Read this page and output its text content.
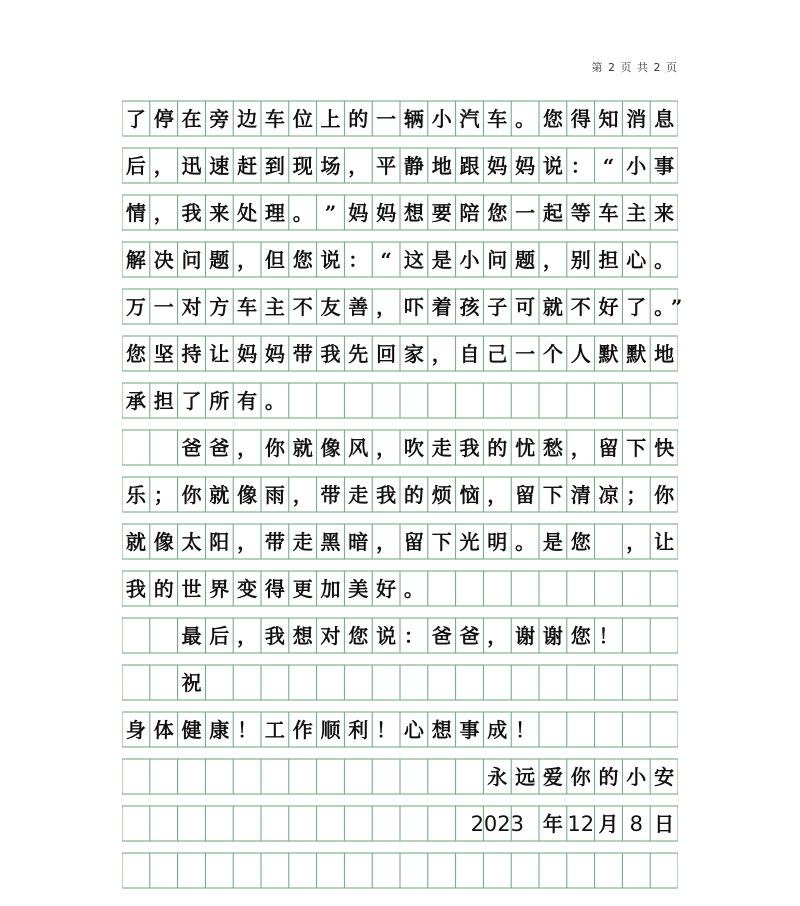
第 2 页 共 2 页
了 停 在 旁 边 车 位 上 的 一 辆 小 汽 车 。 您 得 知 消 息
后 ， 迅 速 赶 到 现 场 ， 平 静 地 跟 妈 妈 说 ： “ 小 事
情 ， 我 来 处 理 。 ” 妈 妈 想 要 陪 您 一 起 等 车 主 来
解 决 问 题 ， 但 您 说 ： “ 这 是 小 问 题 ， 别 担 心 。
万 一 对 方 车 主 不 友 善 ， 吓 着 孩 子 可 就 不 好 了 。
”
您 坚 持 让 妈 妈 带 我 先 回 家 ， 自 己 一 个 人 默 默 地
承 担 了 所 有 。
爸 爸 ， 你 就 像 风 ， 吹 走 我 的 忧 愁 ， 留 下 快
乐 ； 你 就 像 雨 ， 带 走 我 的 烦 恼 ， 留 下 清 凉 ； 你
就 像 太 阳 ， 带 走 黑 暗 ， 留 下 光 明 。 是 您 ， 让
我 的 世 界 变 得 更 加 美 好 。
最 后 ， 我 想 对 您 说 ： 爸 爸 ， 谢 谢 您 ！
祝
身 体 健 康 ！ 工 作 顺 利 ！ 心 想 事 成 ！
永 远 爱 你 的 小 安
2023 年 12 月 8 日
